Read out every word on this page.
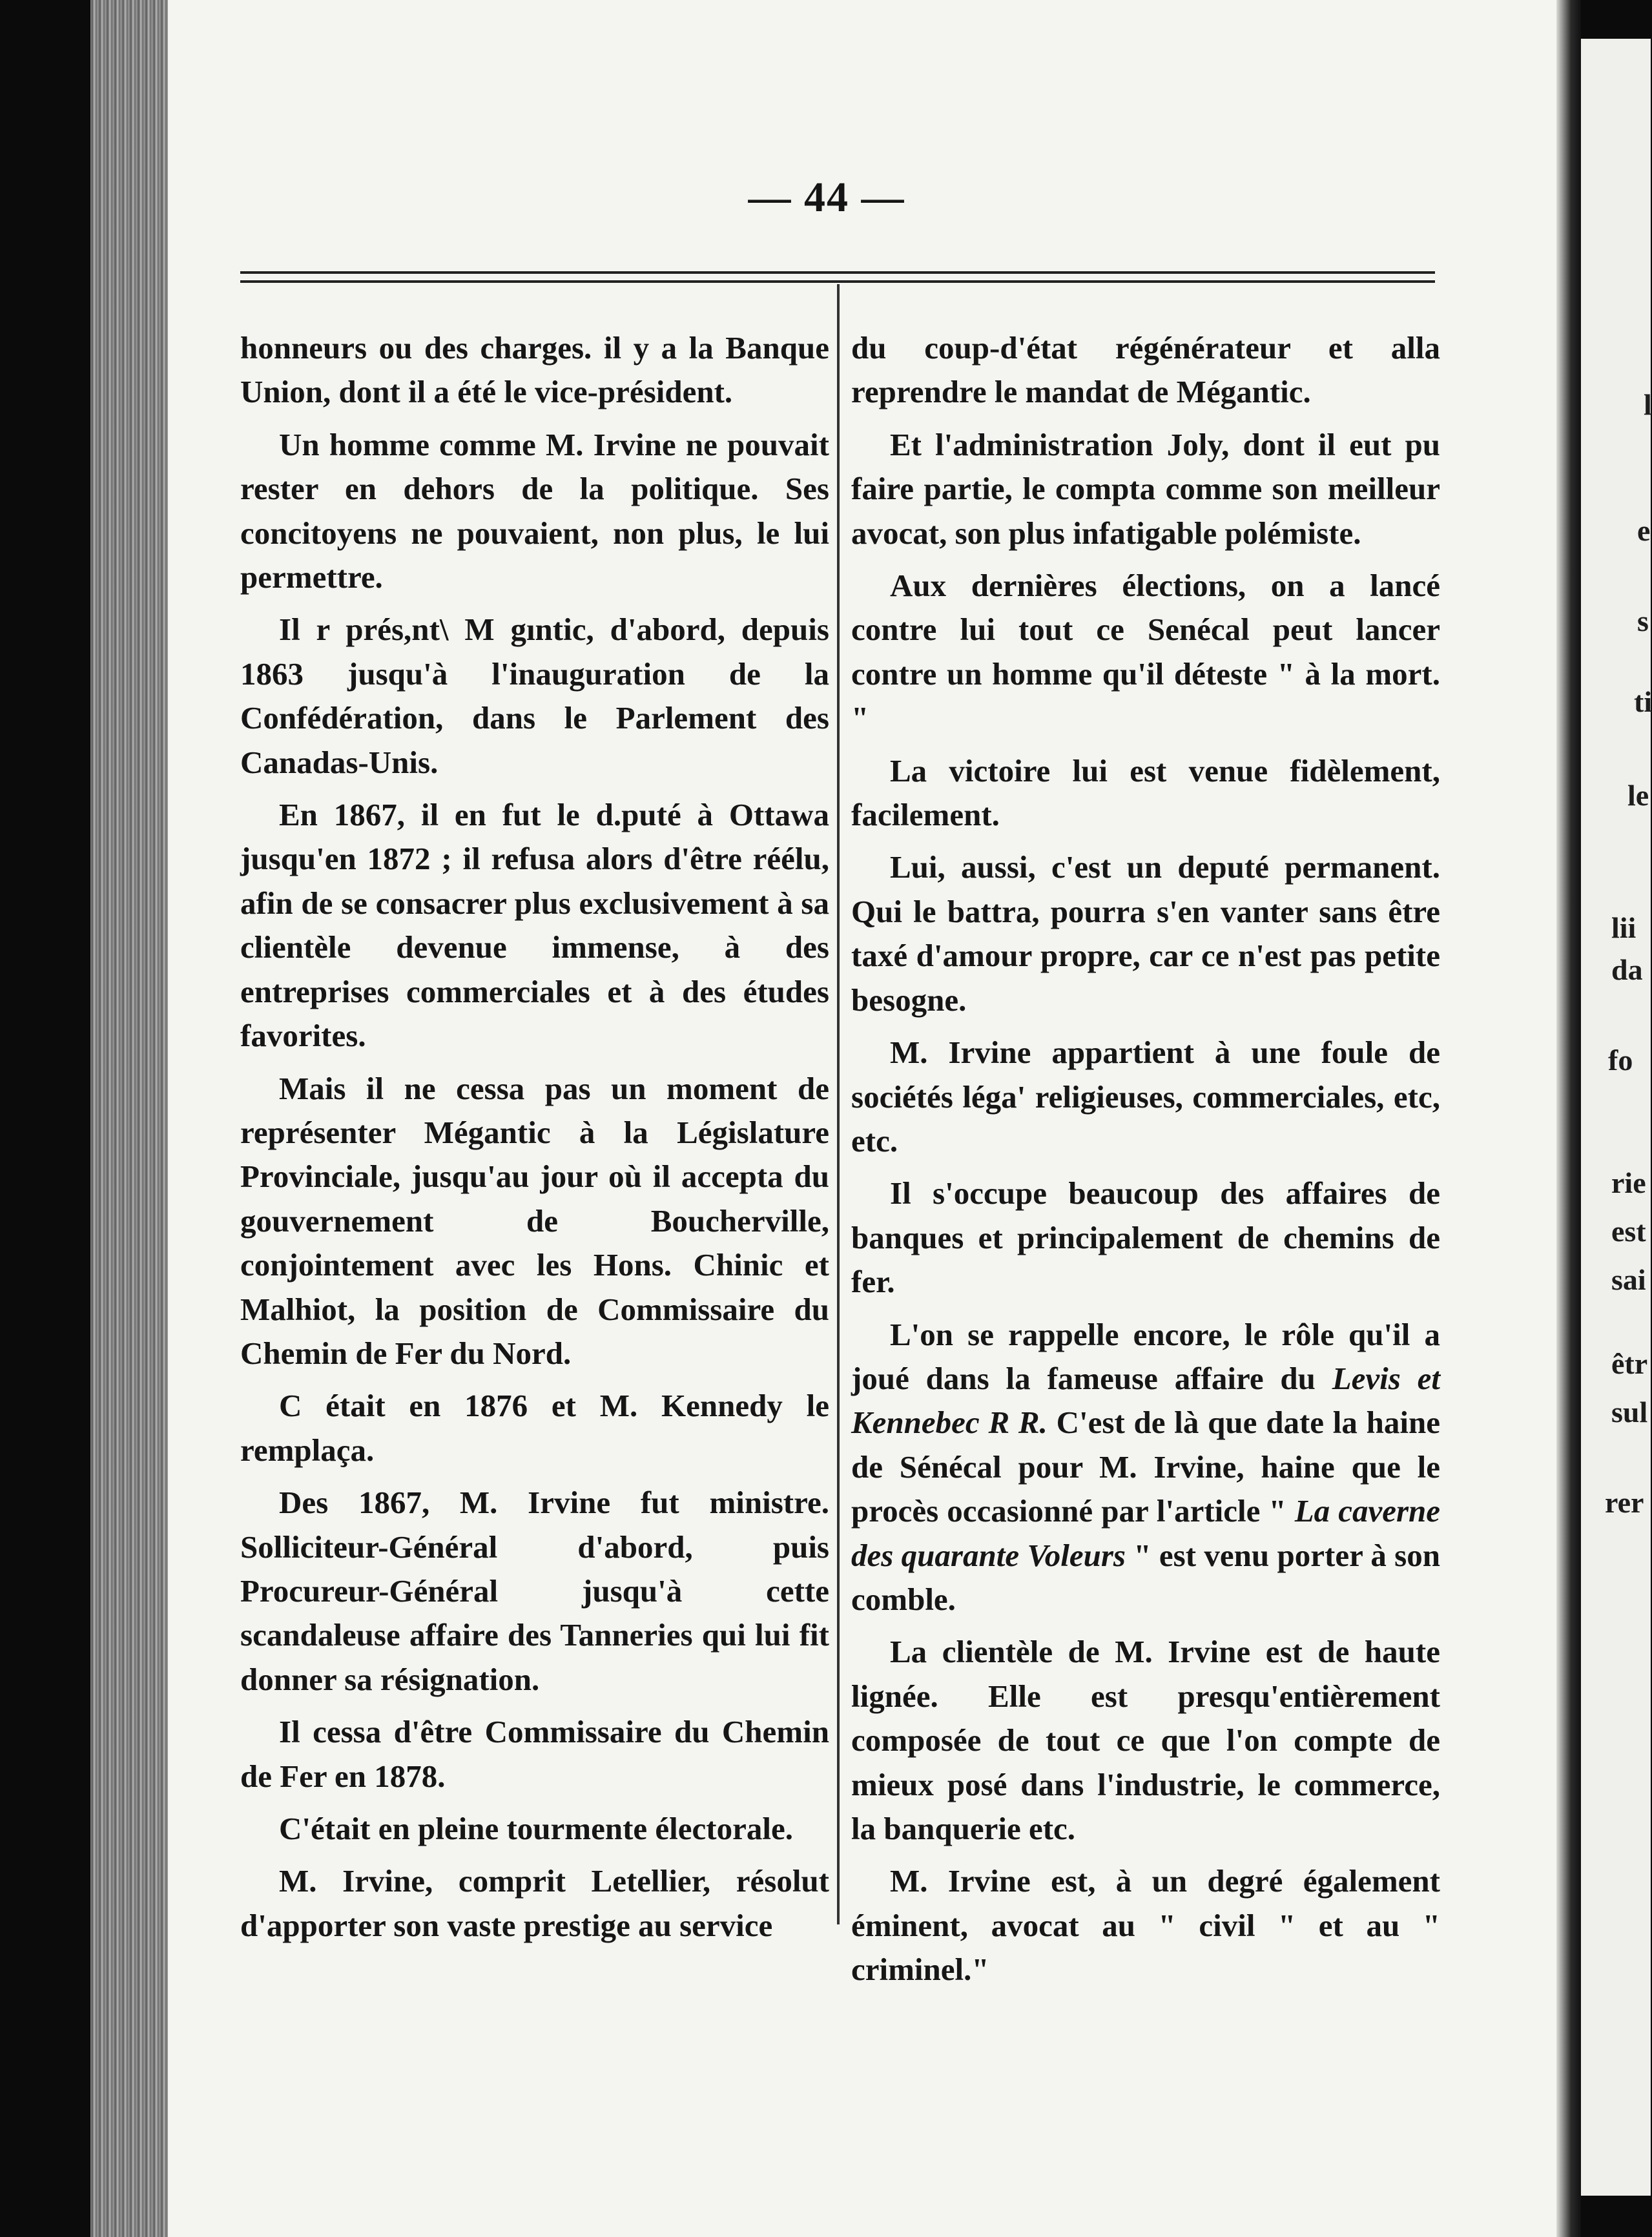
— 44 —

honneurs ou des charges. il y a la Banque Union, dont il a été le vice-président.

Un homme comme M. Irvine ne pouvait rester en dehors de la politique. Ses concitoyens ne pouvaient, non plus, le lui permettre.

Il r prés,nt\ M gıntic, d'abord, depuis 1863 jusqu'à l'inauguration de la Confédération, dans le Parlement des Canadas-Unis.

En 1867, il en fut le d.puté à Ottawa jusqu'en 1872 ; il refusa alors d'être réélu, afin de se consacrer plus exclusivement à sa clientèle devenue immense, à des entreprises commerciales et à des études favorites.

Mais il ne cessa pas un moment de représenter Mégantic à la Législature Provinciale, jusqu'au jour où il accepta du gouvernement de Boucherville, conjointement avec les Hons. Chinic et Malhiot, la position de Commissaire du Chemin de Fer du Nord.

C était en 1876 et M. Kennedy le remplaça.

Des 1867, M. Irvine fut ministre. Solliciteur-Général d'abord, puis Procureur-Général jusqu'à cette scandaleuse affaire des Tanneries qui lui fit donner sa résignation.

Il cessa d'être Commissaire du Chemin de Fer en 1878.

C'était en pleine tourmente électorale.

M. Irvine, comprit Letellier, résolut d'apporter son vaste prestige au service

du coup-d'état régénérateur et alla reprendre le mandat de Mégantic.

Et l'administration Joly, dont il eut pu faire partie, le compta comme son meilleur avocat, son plus infatigable polémiste.

Aux dernières élections, on a lancé contre lui tout ce Senécal peut lancer contre un homme qu'il déteste " à la mort. "

La victoire lui est venue fidèlement, facilement.

Lui, aussi, c'est un deputé permanent. Qui le battra, pourra s'en vanter sans être taxé d'amour propre, car ce n'est pas petite besogne.

M. Irvine appartient à une foule de sociétés léga' religieuses, commerciales, etc, etc.

Il s'occupe beaucoup des affaires de banques et principalement de chemins de fer.

L'on se rappelle encore, le rôle qu'il a joué dans la fameuse affaire du Levis et Kennebec R R. C'est de là que date la haine de Sénécal pour M. Irvine, haine que le procès occasionné par l'article " La caverne des quarante Voleurs " est venu porter à son comble.

La clientèle de M. Irvine est de haute lignée. Elle est presqu'entièrement composée de tout ce que l'on compte de mieux posé dans l'industrie, le commerce, la banquerie etc.

M. Irvine est, à un degré également éminent, avocat au " civil " et au " criminel."

l
e
s
ti
le
lii
da
fo
rie
est
sai
êtr
sul
rer
